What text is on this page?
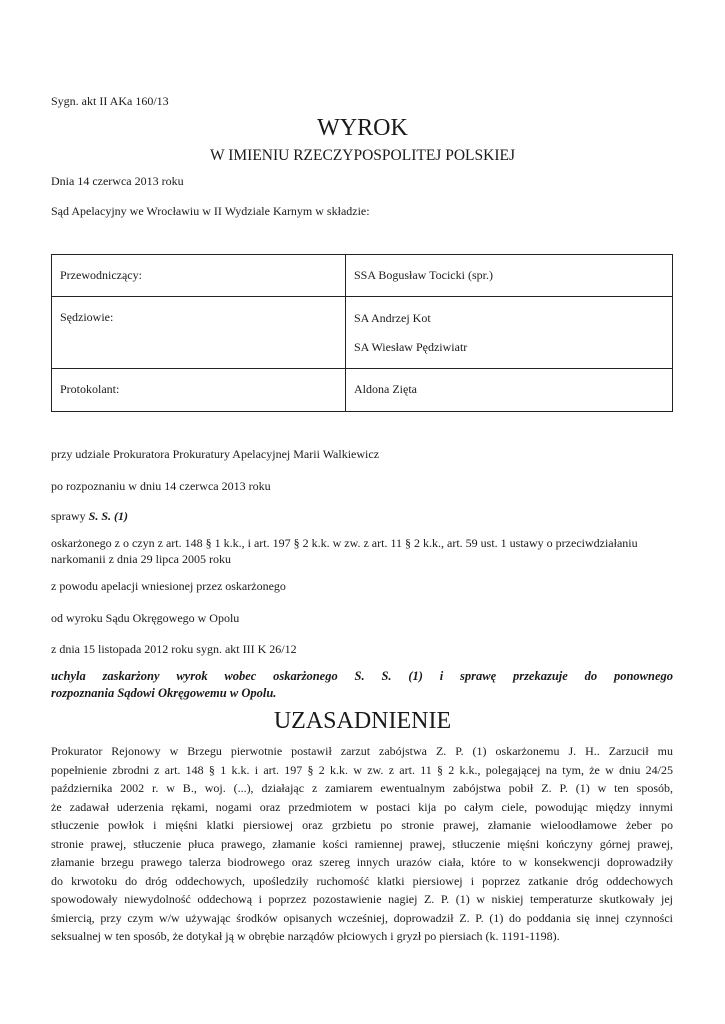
Sygn. akt II AKa 160/13
WYROK
W IMIENIU RZECZYPOSPOLITEJ POLSKIEJ
Dnia 14 czerwca 2013 roku
Sąd Apelacyjny we Wrocławiu w II Wydziale Karnym w składzie:
Przewodniczący:	SSA Bogusław Tocicki (spr.)
Sędziowie:	SA Andrzej Kot
SA Wiesław Pędziwiatr

Protokolant:	Aldona Zięta
przy udziale Prokuratora Prokuratury Apelacyjnej Marii Walkiewicz
po rozpoznaniu w dniu 14 czerwca 2013 roku
sprawy S. S. (1)
oskarżonego z o czyn z art. 148 § 1 k.k., i art. 197 § 2 k.k. w zw. z art. 11 § 2 k.k., art. 59 ust. 1 ustawy o przeciwdziałaniu
narkomanii z dnia 29 lipca 2005 roku
z powodu apelacji wniesionej przez oskarżonego
od wyroku Sądu Okręgowego w Opolu
z dnia 15 listopada 2012 roku sygn. akt III K 26/12
uchyla zaskarżony wyrok wobec oskarżonego S. S. (1) i sprawę przekazuje do ponownego
rozpoznania Sądowi Okręgowemu w Opolu.
UZASADNIENIE
Prokurator Rejonowy w Brzegu pierwotnie postawił zarzut zabójstwa Z. P. (1) oskarżonemu J. H.. Zarzucił mu
popełnienie zbrodni z art. 148 § 1 k.k. i art. 197 § 2 k.k. w zw. z art. 11 § 2 k.k., polegającej na tym, że w dniu 24/25
października 2002 r. w B., woj. (...), działając z zamiarem ewentualnym zabójstwa pobił Z. P. (1) w ten sposób,
że zadawał uderzenia rękami, nogami oraz przedmiotem w postaci kija po całym ciele, powodując między innymi
stłuczenie powłok i mięśni klatki piersiowej oraz grzbietu po stronie prawej, złamanie wieloodłamowe żeber po
stronie prawej, stłuczenie płuca prawego, złamanie kości ramiennej prawej, stłuczenie mięśni kończyny górnej prawej,
złamanie brzegu prawego talerza biodrowego oraz szereg innych urazów ciała, które to w konsekwencji doprowadziły
do krwotoku do dróg oddechowych, upośledziły ruchomość klatki piersiowej i poprzez zatkanie dróg oddechowych
spowodowały niewydolność oddechową i poprzez pozostawienie nagiej Z. P. (1) w niskiej temperaturze skutkowały jej
śmiercią, przy czym w/w używając środków opisanych wcześniej, doprowadził Z. P. (1) do poddania się innej czynności
seksualnej w ten sposób, że dotykał ją w obrębie narządów płciowych i gryzł po piersiach (k. 1191-1198).
